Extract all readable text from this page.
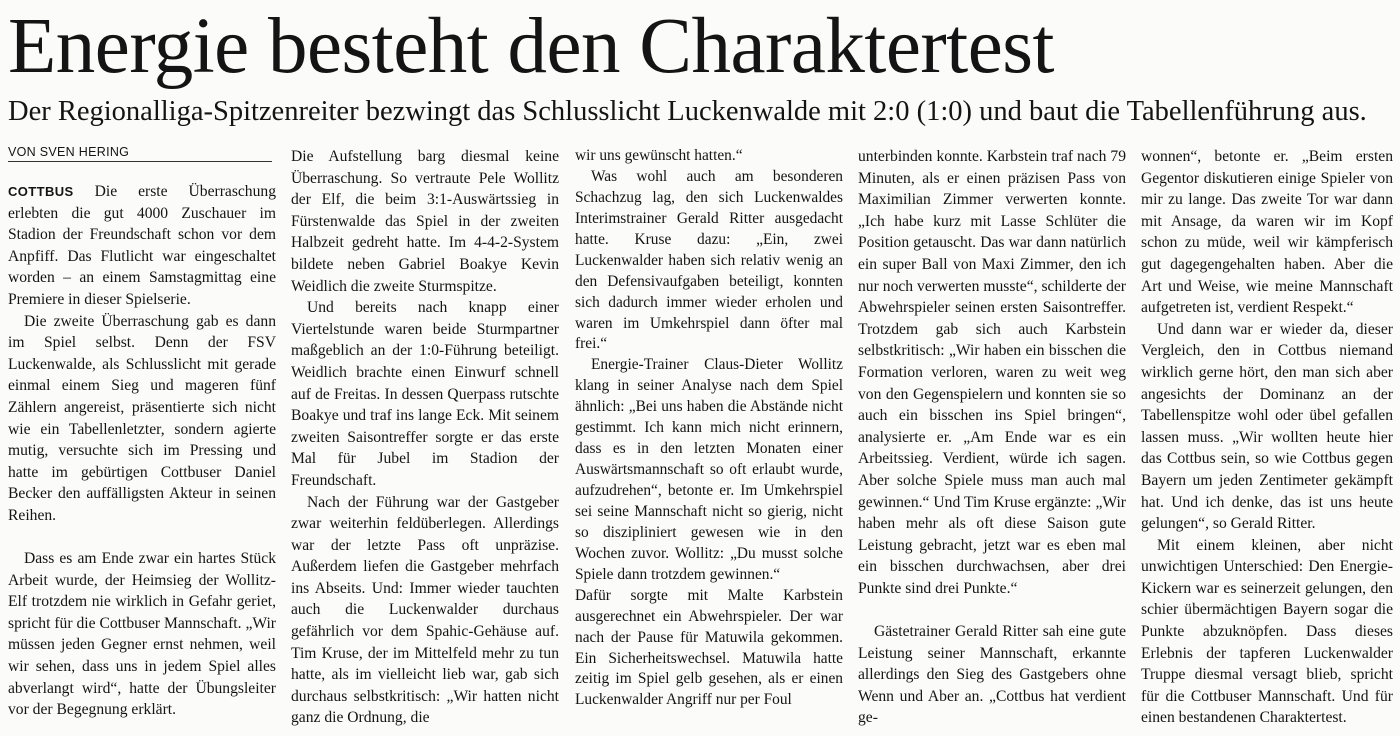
Energie besteht den Charaktertest
Der Regionalliga-Spitzenreiter bezwingt das Schlusslicht Luckenwalde mit 2:0 (1:0) und baut die Tabellenführung aus.
VON SVEN HERING

COTTBUS Die erste Überraschung erlebten die gut 4000 Zuschauer im Stadion der Freundschaft schon vor dem Anpfiff. Das Flutlicht war eingeschaltet worden – an einem Samstagmittag eine Premiere in dieser Spielserie.

Die zweite Überraschung gab es dann im Spiel selbst. Denn der FSV Luckenwalde, als Schlusslicht mit gerade einmal einem Sieg und mageren fünf Zählern angereist, präsentierte sich nicht wie ein Tabellenletzter, sondern agierte mutig, versuchte sich im Pressing und hatte im gebürtigen Cottbuser Daniel Becker den auffälligsten Akteur in seinen Reihen.

Dass es am Ende zwar ein hartes Stück Arbeit wurde, der Heimsieg der Wollitz-Elf trotzdem nie wirklich in Gefahr geriet, spricht für die Cottbuser Mannschaft. „Wir müssen jeden Gegner ernst nehmen, weil wir sehen, dass uns in jedem Spiel alles abverlangt wird“, hatte der Übungsleiter vor der Begegnung erklärt.

Die Aufstellung barg diesmal keine Überraschung. So vertraute Pele Wollitz der Elf, die beim 3:1-Auswärtssieg in Fürstenwalde das Spiel in der zweiten Halbzeit gedreht hatte. Im 4-4-2-System bildete neben Gabriel Boakye Kevin Weidlich die zweite Sturmspitze.

Und bereits nach knapp einer Viertelstunde waren beide Sturmpartner maßgeblich an der 1:0-Führung beteiligt. Weidlich brachte einen Einwurf schnell auf de Freitas. In dessen Querpass rutschte Boakye und traf ins lange Eck. Mit seinem zweiten Saisontreffer sorgte er das erste Mal für Jubel im Stadion der Freundschaft.

Nach der Führung war der Gastgeber zwar weiterhin feldüberlegen. Allerdings war der letzte Pass oft unpräzise. Außerdem liefen die Gastgeber mehrfach ins Abseits. Und: Immer wieder tauchten auch die Luckenwalder durchaus gefährlich vor dem Spahic-Gehäuse auf. Tim Kruse, der im Mittelfeld mehr zu tun hatte, als im vielleicht lieb war, gab sich durchaus selbstkritisch: „Wir hatten nicht ganz die Ordnung, die

wir uns gewünscht hatten.“

Was wohl auch am besonderen Schachzug lag, den sich Luckenwaldes Interimstrainer Gerald Ritter ausgedacht hatte. Kruse dazu: „Ein, zwei Luckenwalder haben sich relativ wenig an den Defensivaufgaben beteiligt, konnten sich dadurch immer wieder erholen und waren im Umkehrspiel dann öfter mal frei.“

Energie-Trainer Claus-Dieter Wollitz klang in seiner Analyse nach dem Spiel ähnlich: „Bei uns haben die Abstände nicht gestimmt. Ich kann mich nicht erinnern, dass es in den letzten Monaten einer Auswärtsmannschaft so oft erlaubt wurde, aufzudrehen“, betonte er. Im Umkehrspiel sei seine Mannschaft nicht so gierig, nicht so diszipliniert gewesen wie in den Wochen zuvor. Wollitz: „Du musst solche Spiele dann trotzdem gewinnen.“

Dafür sorgte mit Malte Karbstein ausgerechnet ein Abwehrspieler. Der war nach der Pause für Matuwila gekommen. Ein Sicherheitswechsel. Matuwila hatte zeitig im Spiel gelb gesehen, als er einen Luckenwalder Angriff nur per Foul

unterbinden konnte. Karbstein traf nach 79 Minuten, als er einen präzisen Pass von Maximilian Zimmer verwerten konnte. „Ich habe kurz mit Lasse Schlüter die Position getauscht. Das war dann natürlich ein super Ball von Maxi Zimmer, den ich nur noch verwerten musste“, schilderte der Abwehrspieler seinen ersten Saisontreffer. Trotzdem gab sich auch Karbstein selbstkritisch: „Wir haben ein bisschen die Formation verloren, waren zu weit weg von den Gegenspielern und konnten sie so auch ein bisschen ins Spiel bringen“, analysierte er. „Am Ende war es ein Arbeitssieg. Verdient, würde ich sagen. Aber solche Spiele muss man auch mal gewinnen.“ Und Tim Kruse ergänzte: „Wir haben mehr als oft diese Saison gute Leistung gebracht, jetzt war es eben mal ein bisschen durchwachsen, aber drei Punkte sind drei Punkte.“

Gästetrainer Gerald Ritter sah eine gute Leistung seiner Mannschaft, erkannte allerdings den Sieg des Gastgebers ohne Wenn und Aber an. „Cottbus hat verdient ge-

wonnen“, betonte er. „Beim ersten Gegentor diskutieren einige Spieler von mir zu lange. Das zweite Tor war dann mit Ansage, da waren wir im Kopf schon zu müde, weil wir kämpferisch gut dagegengehalten haben. Aber die Art und Weise, wie meine Mannschaft aufgetreten ist, verdient Respekt.“

Und dann war er wieder da, dieser Vergleich, den in Cottbus niemand wirklich gerne hört, den man sich aber angesichts der Dominanz an der Tabellenspitze wohl oder übel gefallen lassen muss. „Wir wollten heute hier das Cottbus sein, so wie Cottbus gegen Bayern um jeden Zentimeter gekämpft hat. Und ich denke, das ist uns heute gelungen“, so Gerald Ritter.

Mit einem kleinen, aber nicht unwichtigen Unterschied: Den Energie-Kickern war es seinerzeit gelungen, den schier übermächtigen Bayern sogar die Punkte abzuknöpfen. Dass dieses Erlebnis der tapferen Luckenwalder Truppe diesmal versagt blieb, spricht für die Cottbuser Mannschaft. Und für einen bestandenen Charaktertest.
